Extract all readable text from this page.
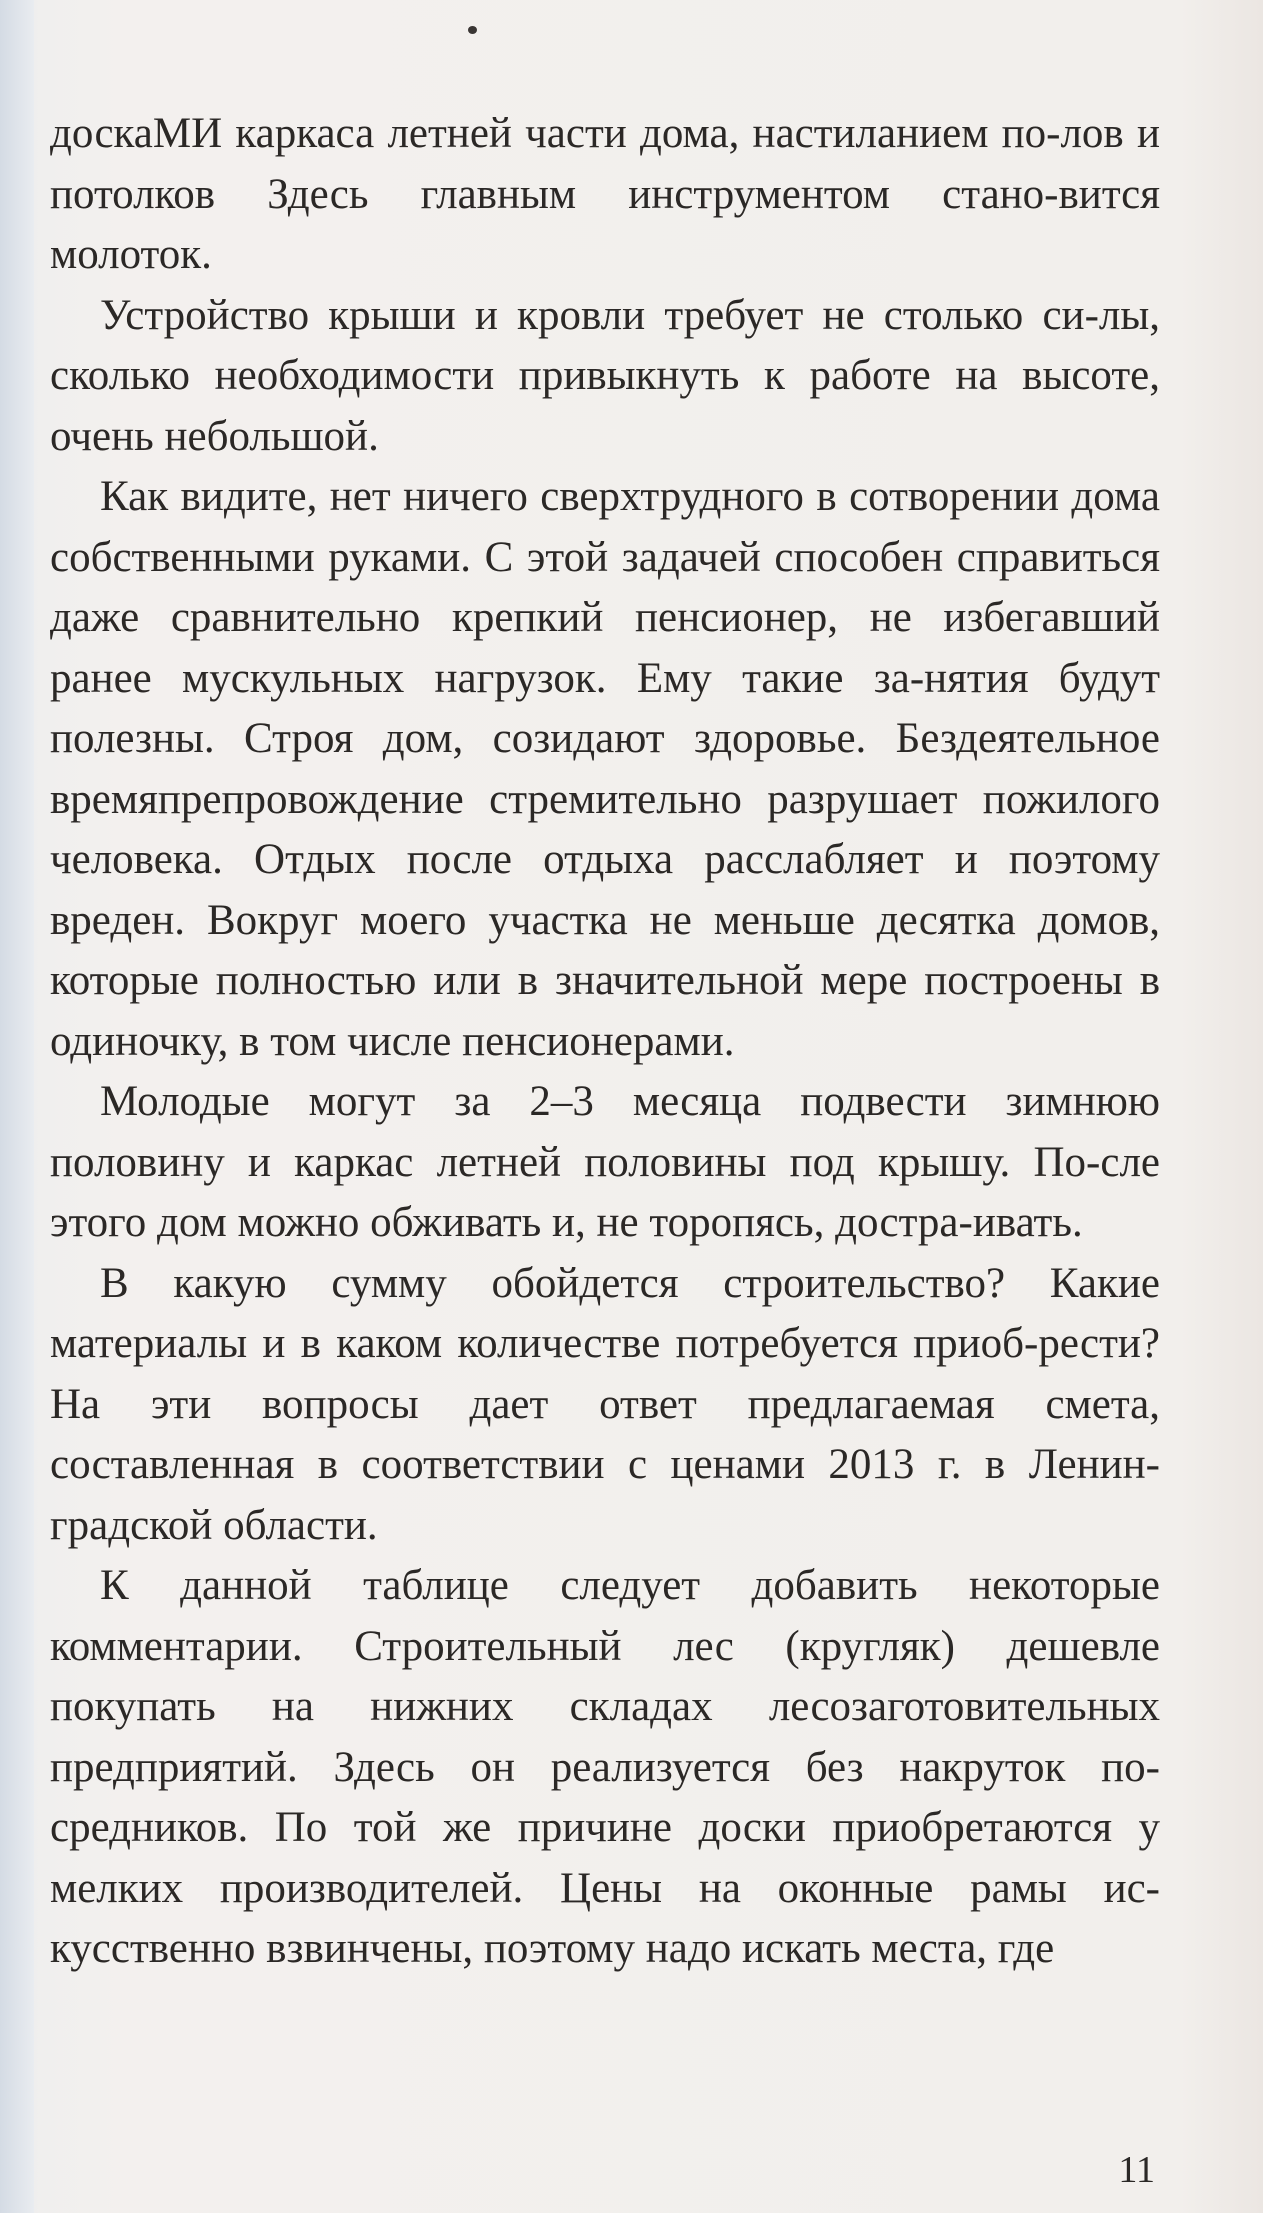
доскаМИ каркаса летней части дома, настиланием по-лов и потолков Здесь главным инструментом стано-вится молоток.

Устройство крыши и кровли требует не столько си-лы, сколько необходимости привыкнуть к работе на высоте, очень небольшой.

Как видите, нет ничего сверхтрудного в сотворении дома собственными руками. С этой задачей способен справиться даже сравнительно крепкий пенсионер, не избегавший ранее мускульных нагрузок. Ему такие за-нятия будут полезны. Строя дом, созидают здоровье. Бездеятельное времяпрепровождение стремительно разрушает пожилого человека. Отдых после отдыха расслабляет и поэтому вреден. Вокруг моего участка не меньше десятка домов, которые полностью или в значительной мере построены в одиночку, в том числе пенсионерами.

Молодые могут за 2–3 месяца подвести зимнюю половину и каркас летней половины под крышу. По-сле этого дом можно обживать и, не торопясь, достра-ивать.

В какую сумму обойдется строительство? Какие материалы и в каком количестве потребуется приоб-рести? На эти вопросы дает ответ предлагаемая смета, составленная в соответствии с ценами 2013 г. в Ленин-градской области.

К данной таблице следует добавить некоторые комментарии. Строительный лес (кругляк) дешевле покупать на нижних складах лесозаготовительных предприятий. Здесь он реализуется без накруток по-средников. По той же причине доски приобретаются у мелких производителей. Цены на оконные рамы ис-кусственно взвинчены, поэтому надо искать места, где

11
